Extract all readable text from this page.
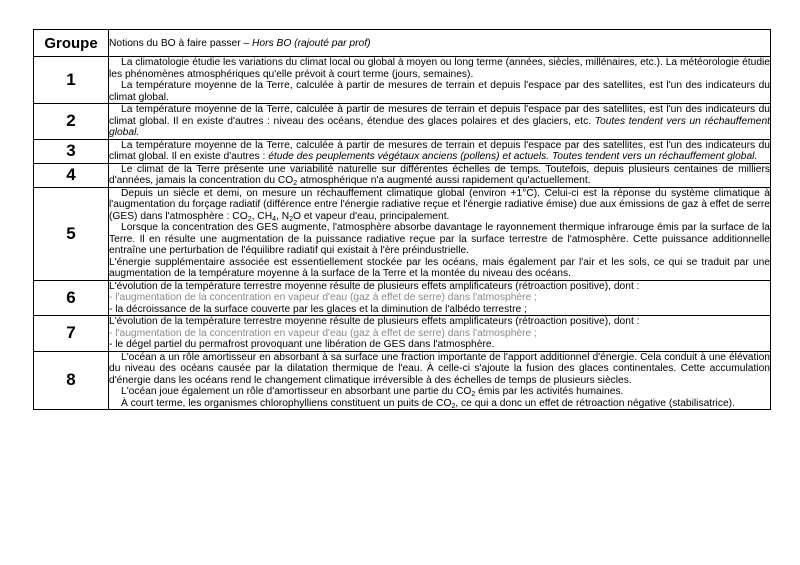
Groupe	Notions du BO à faire passer – Hors BO (rajouté par prof)
1	La climatologie étudie les variations du climat local ou global à moyen ou long terme (années, siècles, millénaires, etc.). La météorologie étudie les phénomènes atmosphériques qu'elle prévoit à court terme (jours, semaines).
La température moyenne de la Terre, calculée à partir de mesures de terrain et depuis l'espace par des satellites, est l'un des indicateurs du climat global.

2	La température moyenne de la Terre, calculée à partir de mesures de terrain et depuis l'espace par des satellites, est l'un des indicateurs du climat global. Il en existe d'autres : niveau des océans, étendue des glaces polaires et des glaciers, etc. Toutes tendent vers un réchauffement global.

3	La température moyenne de la Terre, calculée à partir de mesures de terrain et depuis l'espace par des satellites, est l'un des indicateurs du climat global. Il en existe d'autres : étude des peuplements végétaux anciens (pollens) et actuels. Toutes tendent vers un réchauffement global.

4	Le climat de la Terre présente une variabilité naturelle sur différentes échelles de temps. Toutefois, depuis plusieurs centaines de milliers d'années, jamais la concentration du $CO_2$ atmosphérique n'a augmenté aussi rapidement qu'actuellement.

5	Depuis un siècle et demi, on mesure un réchauffement climatique global (environ +1°C). Celui-ci est la réponse du système climatique à l'augmentation du forçage radiatif (différence entre l'énergie radiative reçue et l'énergie radiative émise) due aux émissions de gaz à effet de serre (GES) dans l'atmosphère : $CO_2$, $CH_4$, $N_2O$ et vapeur d'eau, principalement.
Lorsque la concentration des GES augmente, l'atmosphère absorbe davantage le rayonnement thermique infrarouge émis par la surface de la Terre. Il en résulte une augmentation de la puissance radiative reçue par la surface terrestre de l'atmosphère. Cette puissance additionnelle entraîne une perturbation de l'équilibre radiatif qui existait à l'ère préindustrielle.
L'énergie supplémentaire associée est essentiellement stockée par les océans, mais également par l'air et les sols, ce qui se traduit par une augmentation de la température moyenne à la surface de la Terre et la montée du niveau des océans.

6	L'évolution de la température terrestre moyenne résulte de plusieurs effets amplificateurs (rétroaction positive), dont :
- l'augmentation de la concentration en vapeur d'eau (gaz à effet de serre) dans l'atmosphère ;
- la décroissance de la surface couverte par les glaces et la diminution de l'albédo terrestre ;

7	L'évolution de la température terrestre moyenne résulte de plusieurs effets amplificateurs (rétroaction positive), dont :
- l'augmentation de la concentration en vapeur d'eau (gaz à effet de serre) dans l'atmosphère ;
- le dégel partiel du permafrost provoquant une libération de GES dans l'atmosphère.

8	L'océan a un rôle amortisseur en absorbant à sa surface une fraction importante de l'apport additionnel d'énergie. Cela conduit à une élévation du niveau des océans causée par la dilatation thermique de l'eau. À celle-ci s'ajoute la fusion des glaces continentales. Cette accumulation d'énergie dans les océans rend le changement climatique irréversible à des échelles de temps de plusieurs siècles.
L'océan joue également un rôle d'amortisseur en absorbant une partie du $CO_2$ émis par les activités humaines.
À court terme, les organismes chlorophylliens constituent un puits de $CO_2$, ce qui a donc un effet de rétroaction négative (stabilisatrice).
